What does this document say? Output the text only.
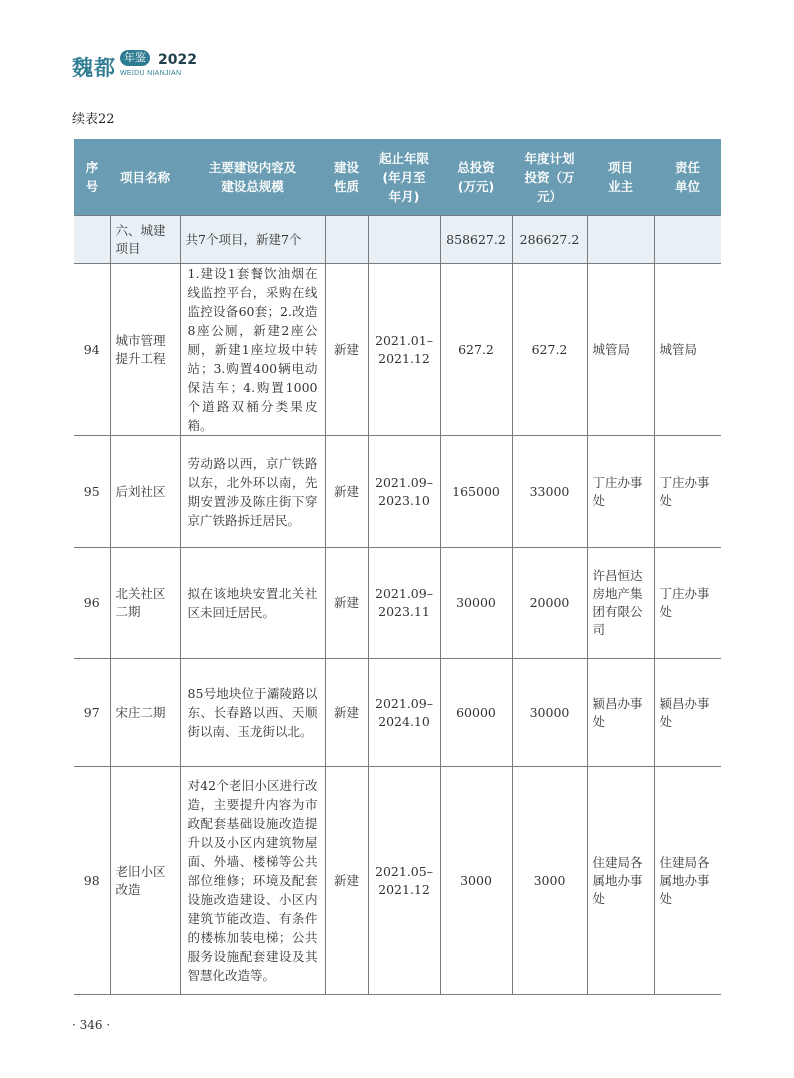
魏都 年鉴 2022
WEIDU NIANJIAN
续表22
序号	项目名称	主要建设内容及建设总规模	建设性质	起止年限(年月至年月)	总投资(万元)	年度计划投资（万元）	项目业主	责任单位

	六、城建项目	共7个项目，新建7个			858627.2	286627.2		
94	城市管理提升工程	1.建设1套餐饮油烟在线监控平台，采购在线监控设备60套；2.改造8座公厕，新建2座公厕，新建1座垃圾中转站；3.购置400辆电动保洁车；4.购置1000个道路双桶分类果皮箱。	新建	2021.01–2021.12	627.2	627.2	城管局	城管局
95	后刘社区	劳动路以西，京广铁路以东，北外环以南，先期安置涉及陈庄街下穿京广铁路拆迁居民。	新建	2021.09–2023.10	165000	33000	丁庄办事处	丁庄办事处
96	北关社区二期	拟在该地块安置北关社区未回迁居民。	新建	2021.09–2023.11	30000	20000	许昌恒达房地产集团有限公司	丁庄办事处
97	宋庄二期	85号地块位于灞陵路以东、长春路以西、天顺街以南、玉龙街以北。	新建	2021.09–2024.10	60000	30000	颍昌办事处	颍昌办事处
98	老旧小区改造	对42个老旧小区进行改造，主要提升内容为市政配套基础设施改造提升以及小区内建筑物屋面、外墙、楼梯等公共部位维修；环境及配套设施改造建设、小区内建筑节能改造、有条件的楼栋加装电梯；公共服务设施配套建设及其智慧化改造等。	新建	2021.05–2021.12	3000	3000	住建局各属地办事处	住建局各属地办事处
· 346 ·
